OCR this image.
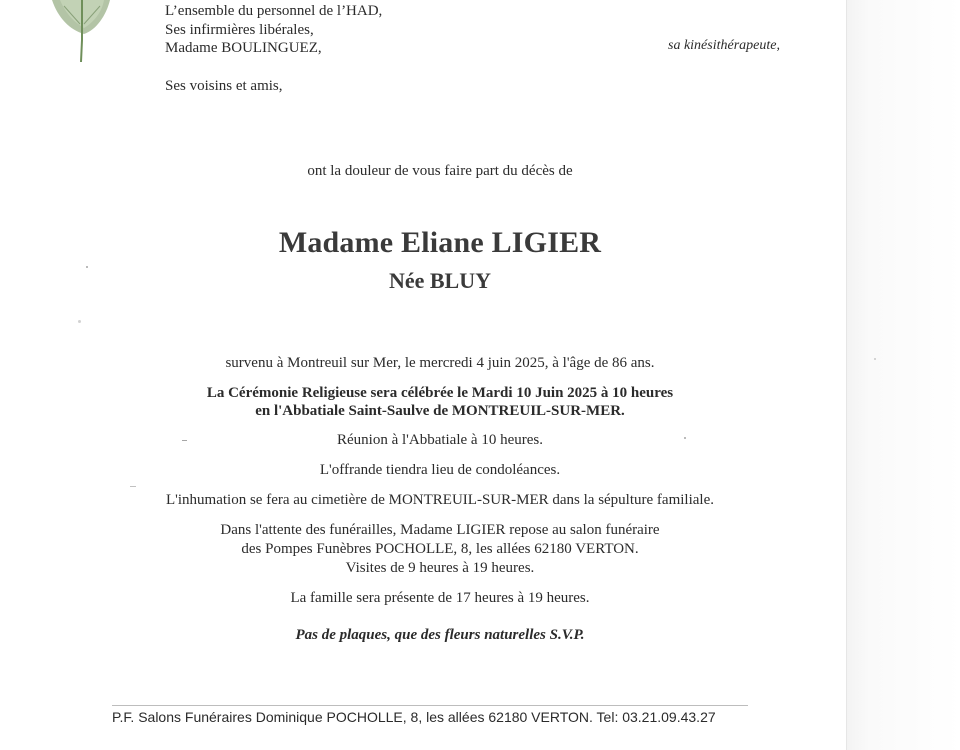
L’ensemble du personnel de l’HAD,
Ses infirmières libérales,
Madame BOULINGUEZ,	sa kinésithérapeute,
Ses voisins et amis,
ont la douleur de vous faire part du décès de
Madame Eliane LIGIER
Née BLUY
survenu à Montreuil sur Mer, le mercredi 4 juin 2025, à l'âge de 86 ans.
La Cérémonie Religieuse sera célébrée le Mardi 10 Juin 2025 à 10 heures
en l'Abbatiale Saint-Saulve de MONTREUIL-SUR-MER.
Réunion à l'Abbatiale à 10 heures.
L'offrande tiendra lieu de condoléances.
L'inhumation se fera au cimetière de MONTREUIL-SUR-MER dans la sépulture familiale.
Dans l'attente des funérailles, Madame LIGIER repose au salon funéraire
des Pompes Funèbres POCHOLLE, 8, les allées 62180 VERTON.
Visites de 9 heures à 19 heures.
La famille sera présente de 17 heures à 19 heures.
Pas de plaques, que des fleurs naturelles S.V.P.
P.F. Salons Funéraires Dominique POCHOLLE, 8, les allées 62180 VERTON. Tel: 03.21.09.43.27
